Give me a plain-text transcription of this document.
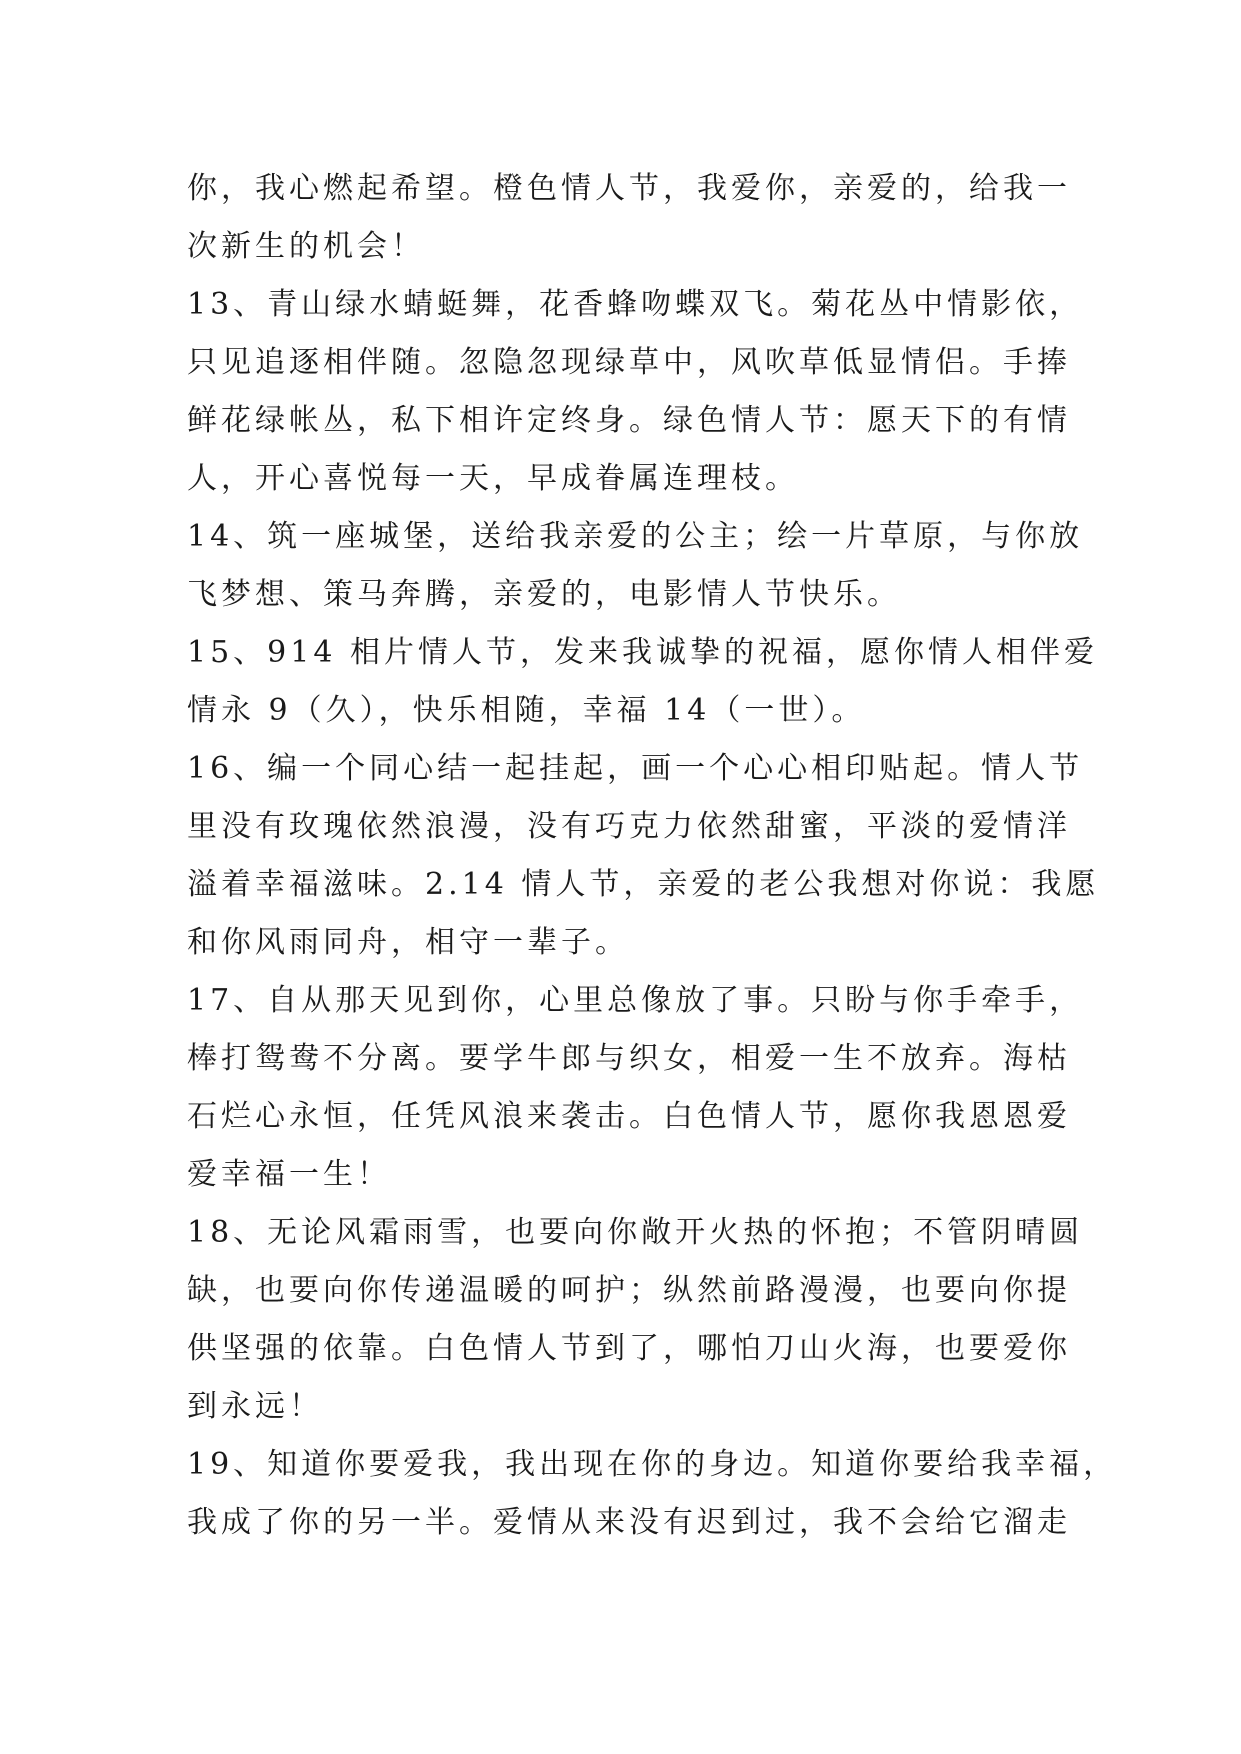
你，我心燃起希望。橙色情人节，我爱你，亲爱的，给我一
次新生的机会！
13、青山绿水蜻蜓舞，花香蜂吻蝶双飞。菊花丛中情影依，
只见追逐相伴随。忽隐忽现绿草中，风吹草低显情侣。手捧
鲜花绿帐丛，私下相许定终身。绿色情人节：愿天下的有情
人，开心喜悦每一天，早成眷属连理枝。
14、筑一座城堡，送给我亲爱的公主；绘一片草原，与你放
飞梦想、策马奔腾，亲爱的，电影情人节快乐。
15、914 相片情人节，发来我诚挚的祝福，愿你情人相伴爱
情永 9（久），快乐相随，幸福 14（一世）。
16、编一个同心结一起挂起，画一个心心相印贴起。情人节
里没有玫瑰依然浪漫，没有巧克力依然甜蜜，平淡的爱情洋
溢着幸福滋味。2.14 情人节，亲爱的老公我想对你说：我愿
和你风雨同舟，相守一辈子。
17、自从那天见到你，心里总像放了事。只盼与你手牵手，
棒打鸳鸯不分离。要学牛郎与织女，相爱一生不放弃。海枯
石烂心永恒，任凭风浪来袭击。白色情人节，愿你我恩恩爱
爱幸福一生！
18、无论风霜雨雪，也要向你敞开火热的怀抱；不管阴晴圆
缺，也要向你传递温暖的呵护；纵然前路漫漫，也要向你提
供坚强的依靠。白色情人节到了，哪怕刀山火海，也要爱你
到永远！
19、知道你要爱我，我出现在你的身边。知道你要给我幸福，
我成了你的另一半。爱情从来没有迟到过，我不会给它溜走
